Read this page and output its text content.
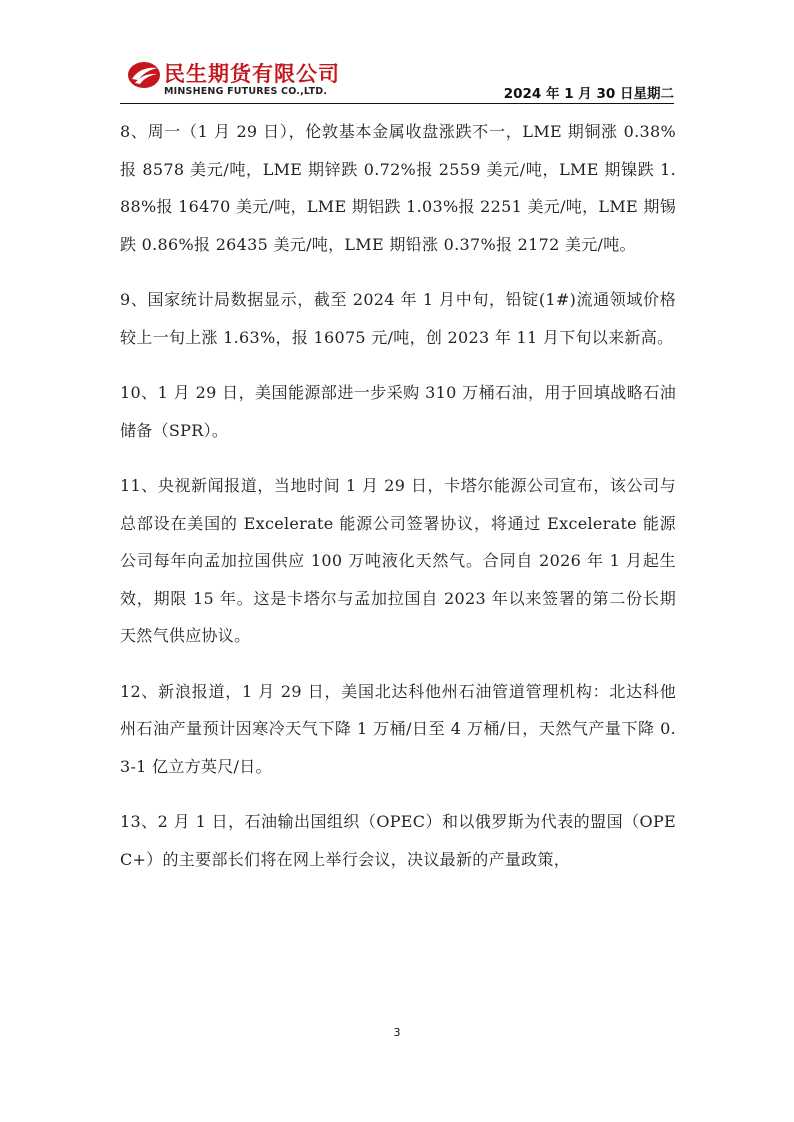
民生期货有限公司
MINSHENG FUTURES CO.,LTD.	2024 年 1 月 30 日星期二

8、周一（1 月 29 日），伦敦基本金属收盘涨跌不一，LME 期铜涨 0.38%报 8578 美元/吨，LME 期锌跌 0.72%报 2559 美元/吨，LME 期镍跌 1.88%报 16470 美元/吨，LME 期铝跌 1.03%报 2251 美元/吨，LME 期锡跌 0.86%报 26435 美元/吨，LME 期铅涨 0.37%报 2172 美元/吨。

9、国家统计局数据显示，截至 2024 年 1 月中旬，铅锭(1#)流通领域价格较上一旬上涨 1.63%，报 16075 元/吨，创 2023 年 11 月下旬以来新高。

10、1 月 29 日，美国能源部进一步采购 310 万桶石油，用于回填战略石油储备（SPR）。

11、央视新闻报道，当地时间 1 月 29 日，卡塔尔能源公司宣布，该公司与总部设在美国的 Excelerate 能源公司签署协议，将通过 Excelerate 能源公司每年向孟加拉国供应 100 万吨液化天然气。合同自 2026 年 1 月起生效，期限 15 年。这是卡塔尔与孟加拉国自 2023 年以来签署的第二份长期天然气供应协议。

12、新浪报道，1 月 29 日，美国北达科他州石油管道管理机构：北达科他州石油产量预计因寒冷天气下降 1 万桶/日至 4 万桶/日，天然气产量下降 0.3-1 亿立方英尺/日。

13、2 月 1 日，石油输出国组织（OPEC）和以俄罗斯为代表的盟国（OPEC+）的主要部长们将在网上举行会议，决议最新的产量政策，

3
